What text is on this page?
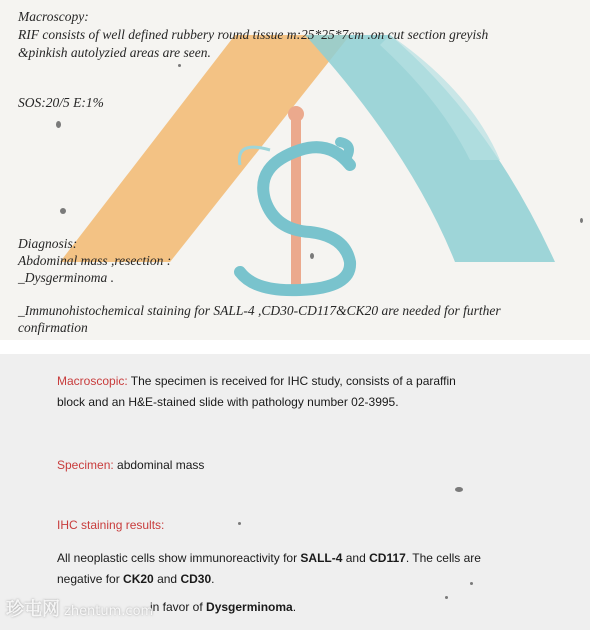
Macroscopy:

RIF consists of well defined rubbery round tissue m:25*25*7cm .on cut section greyish

&pinkish autolyzied areas are seen.

SOS:20/5 E:1%

Diagnosis:

Abdominal mass ,resection :

_Dysgerminoma .

_Immunohistochemical staining for SALL-4 ,CD30-CD117&CK20 are needed for further

confirmation

Macroscopic: The specimen is received for IHC study, consists of a paraffin

block and an H&E-stained slide with pathology number 02-3995.

Specimen: abdominal mass

IHC staining results:

All neoplastic cells show immunoreactivity for SALL-4 and CD117. The cells are

negative for CK20 and CD30.

in favor of Dysgerminoma.

珍屯网 zhentum.com
